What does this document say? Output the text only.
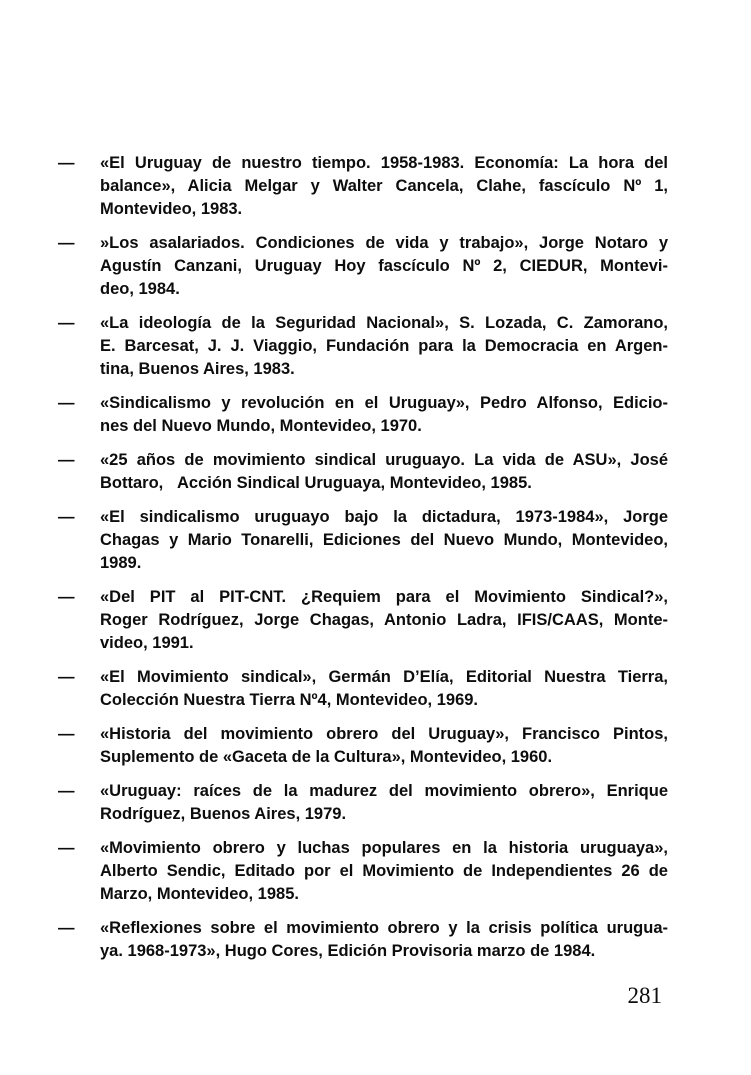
— «El Uruguay de nuestro tiempo. 1958-1983. Economía: La hora del
balance», Alicia Melgar y Walter Cancela, Clahe, fascículo Nº 1,
Montevideo, 1983.
— »Los asalariados. Condiciones de vida y trabajo», Jorge Notaro y
Agustín Canzani, Uruguay Hoy fascículo Nº 2, CIEDUR, Montevi-
deo, 1984.
— «La ideología de la Seguridad Nacional», S. Lozada, C. Zamorano,
E. Barcesat, J. J. Viaggio, Fundación para la Democracia en Argen-
tina, Buenos Aires, 1983.
— «Sindicalismo y revolución en el Uruguay», Pedro Alfonso, Edicio-
nes del Nuevo Mundo, Montevideo, 1970.
— «25 años de movimiento sindical uruguayo. La vida de ASU», José
Bottaro,   Acción Sindical Uruguaya, Montevideo, 1985.
— «El sindicalismo uruguayo bajo la dictadura, 1973-1984», Jorge
Chagas y Mario Tonarelli, Ediciones del Nuevo Mundo, Montevideo,
1989.
— «Del PIT al PIT-CNT. ¿Requiem para el Movimiento Sindical?»,
Roger Rodríguez, Jorge Chagas, Antonio Ladra, IFIS/CAAS, Monte-
video, 1991.
— «El Movimiento sindical», Germán D’Elía, Editorial Nuestra Tierra,
Colección Nuestra Tierra Nº4, Montevideo, 1969.
— «Historia del movimiento obrero del Uruguay», Francisco Pintos,
Suplemento de «Gaceta de la Cultura», Montevideo, 1960.
— «Uruguay: raíces de la madurez del movimiento obrero», Enrique
Rodríguez, Buenos Aires, 1979.
— «Movimiento obrero y luchas populares en la historia uruguaya»,
Alberto Sendic, Editado por el Movimiento de Independientes 26 de
Marzo, Montevideo, 1985.
— «Reflexiones sobre el movimiento obrero y la crisis política urugua-
ya. 1968-1973», Hugo Cores, Edición Provisoria marzo de 1984.
281
